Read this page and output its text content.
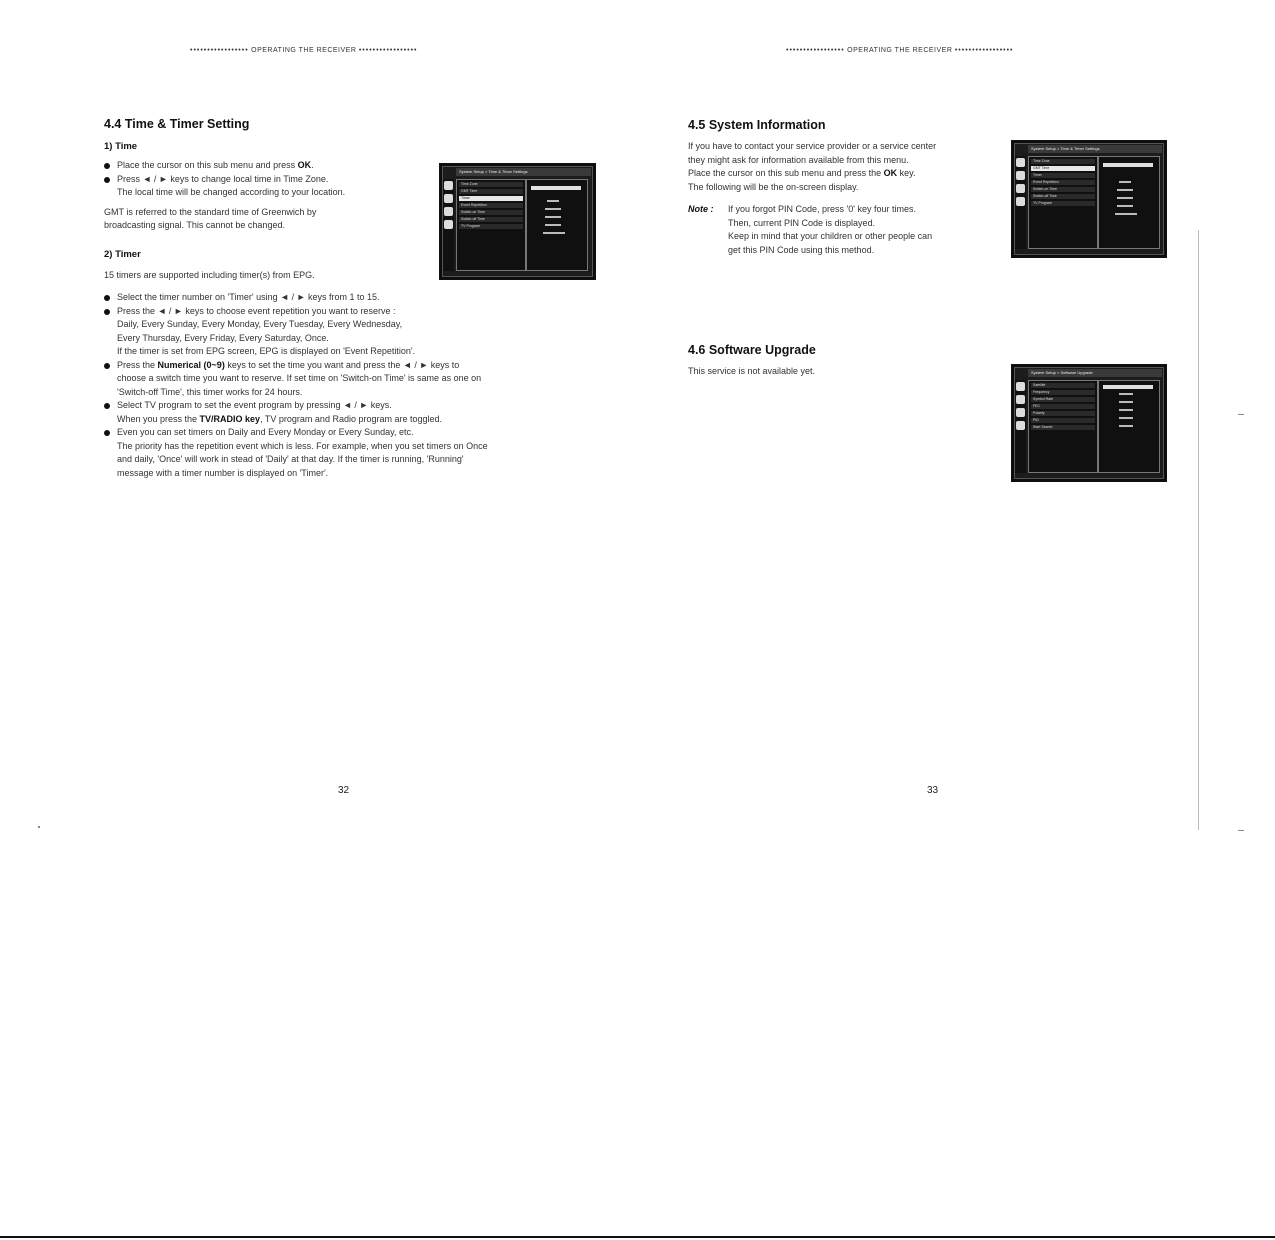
••••••••••••••••• OPERATING THE RECEIVER •••••••••••••••••	••••••••••••••••• OPERATING THE RECEIVER •••••••••••••••••
4.4 Time & Timer Setting
1) Time
Place the cursor on this sub menu and press OK.
Press ◄ / ► keys to change local time in Time Zone.
The local time will be changed according to your location.
GMT is referred to the standard time of Greenwich by
broadcasting signal. This cannot be changed.
2) Timer
15 timers are supported including timer(s) from EPG.
Select the timer number on 'Timer' using ◄ / ► keys from 1 to 15.
Press the ◄ / ► keys to choose event repetition you want to reserve :
Daily, Every Sunday, Every Monday, Every Tuesday, Every Wednesday,
Every Thursday, Every Friday, Every Saturday, Once.
If the timer is set from EPG screen, EPG is displayed on 'Event Repetition'.
Press the Numerical (0~9) keys to set the time you want and press the ◄ / ► keys to
choose a switch time you want to reserve. If set time on 'Switch-on Time' is same as one on
'Switch-off Time', this timer works for 24 hours.
Select TV program to set the event program by pressing ◄ / ► keys.
When you press the TV/RADIO key, TV program and Radio program are toggled.
Even you can set timers on Daily and Every Monday or Every Sunday, etc.
The priority has the repetition event which is less. For example, when you set timers on Once
and daily, 'Once' will work in stead of 'Daily' at that day. If the timer is running, 'Running'
message with a timer number is displayed on 'Timer'.
System Setup > Time & Timer Settings
Time Zone
GMT Time
Timer
Event Repetition
Switch-on Time
Switch-off Time
TV Program
32
4.5 System Information
If you have to contact your service provider or a service center
they might ask for information available from this menu.
Place the cursor on this sub menu and press the OK key.
The following will be the on-screen display.
Note : If you forgot PIN Code, press '0' key four times.
Then, current PIN Code is displayed.
Keep in mind that your children or other people can
get this PIN Code using this method.
System Setup > Time & Timer Settings
Time Zone
GMT Time
Timer
Event Repetition
Switch-on Time
Switch-off Time
TV Program
4.6 Software Upgrade
This service is not available yet.	System Setup > Software Upgrade
Satellite
Frequency
Symbol Rate
FEC
Polarity
PID
Start Search
33
